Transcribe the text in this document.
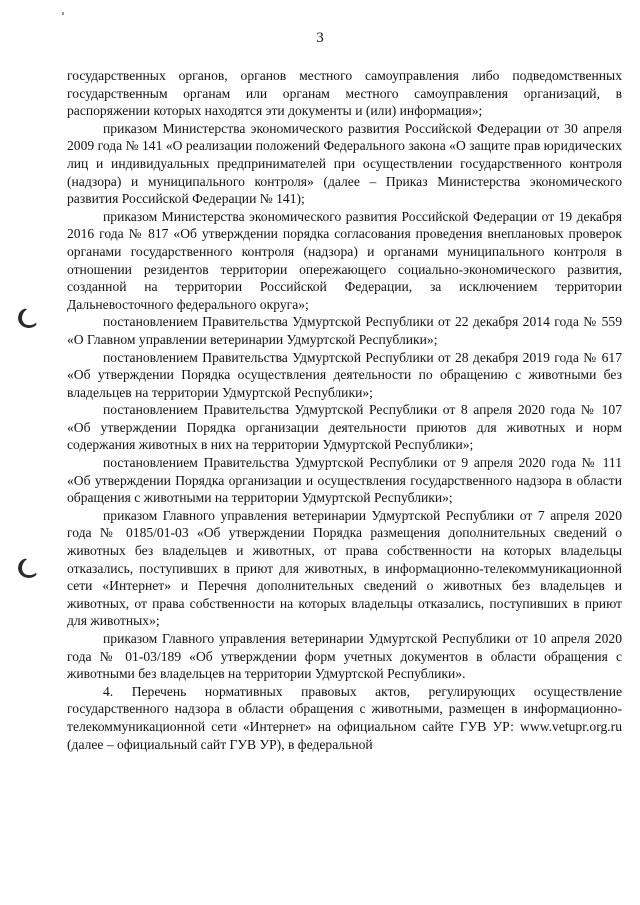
3

государственных органов, органов местного самоуправления либо подведомственных государственным органам или органам местного самоуправления организаций, в распоряжении которых находятся эти документы и (или) информация»;

приказом Министерства экономического развития Российской Федерации от 30 апреля 2009 года № 141 «О реализации положений Федерального закона «О защите прав юридических лиц и индивидуальных предпринимателей при осуществлении государственного контроля (надзора) и муниципального контроля» (далее – Приказ Министерства экономического развития Российской Федерации № 141);

приказом Министерства экономического развития Российской Федерации от 19 декабря 2016 года № 817 «Об утверждении порядка согласования проведения внеплановых проверок органами государственного контроля (надзора) и органами муниципального контроля в отношении резидентов территории опережающего социально-экономического развития, созданной на территории Российской Федерации, за исключением территории Дальневосточного федерального округа»;

постановлением Правительства Удмуртской Республики от 22 декабря 2014 года № 559 «О Главном управлении ветеринарии Удмуртской Республики»;

постановлением Правительства Удмуртской Республики от 28 декабря 2019 года № 617 «Об утверждении Порядка осуществления деятельности по обращению с животными без владельцев на территории Удмуртской Республики»;

постановлением Правительства Удмуртской Республики от 8 апреля 2020 года № 107 «Об утверждении Порядка организации деятельности приютов для животных и норм содержания животных в них на территории Удмуртской Республики»;

постановлением Правительства Удмуртской Республики от 9 апреля 2020 года № 111 «Об утверждении Порядка организации и осуществления государственного надзора в области обращения с животными на территории Удмуртской Республики»;

приказом Главного управления ветеринарии Удмуртской Республики от 7 апреля 2020 года № 0185/01-03 «Об утверждении Порядка размещения дополнительных сведений о животных без владельцев и животных, от права собственности на которых владельцы отказались, поступивших в приют для животных, в информационно-телекоммуникационной сети «Интернет» и Перечня дополнительных сведений о животных без владельцев и животных, от права собственности на которых владельцы отказались, поступивших в приют для животных»;

приказом Главного управления ветеринарии Удмуртской Республики от 10 апреля 2020 года № 01-03/189 «Об утверждении форм учетных документов в области обращения с животными без владельцев на территории Удмуртской Республики».

4. Перечень нормативных правовых актов, регулирующих осуществление государственного надзора в области обращения с животными, размещен в информационно-телекоммуникационной сети «Интернет» на официальном сайте ГУВ УР: www.vetupr.org.ru (далее – официальный сайт ГУВ УР), в федеральной
